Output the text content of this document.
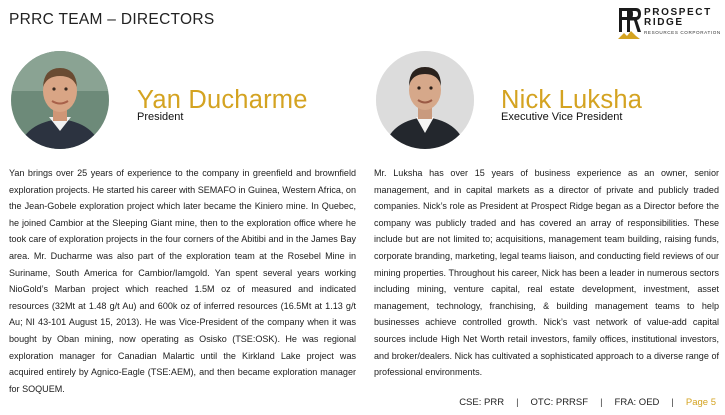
PRRC TEAM – DIRECTORS	PROSPECT
RIDGE
RESOURCES CORPORATION
Yan Ducharme
President
Nick Luksha
Executive Vice President
Yan brings over 25 years of experience to the company in greenfield and brownfield exploration projects. He started his career with SEMAFO in Guinea, Western Africa, on the Jean-Gobele exploration project which later became the Kiniero mine. In Quebec, he joined Cambior at the Sleeping Giant mine, then to the exploration office where he took care of exploration projects in the four corners of the Abitibi and in the James Bay area. Mr. Ducharme was also part of the exploration team at the Rosebel Mine in Suriname, South America for Cambior/Iamgold. Yan spent several years working NioGold’s Marban project which reached 1.5M oz of measured and indicated resources (32Mt at 1.48 g/t Au) and 600k oz of inferred resources (16.5Mt at 1.13 g/t Au; NI 43-101 August 15, 2013). He was Vice-President of the company when it was bought by Oban mining, now operating as Osisko (TSE:OSK). He was regional exploration manager for Canadian Malartic until the Kirkland Lake project was acquired entirely by Agnico-Eagle (TSE:AEM), and then became exploration manager for SOQUEM.
Mr. Luksha has over 15 years of business experience as an owner, senior management, and in capital markets as a director of private and publicly traded companies. Nick’s role as President at Prospect Ridge began as a Director before the company was publicly traded and has covered an array of responsibilities. These include but are not limited to; acquisitions, management team building, raising funds, corporate branding, marketing, legal teams liaison, and conducting field reviews of our mining properties. Throughout his career, Nick has been a leader in numerous sectors including mining, venture capital, real estate development, investment, asset management, technology, franchising, & building management teams to help businesses achieve controlled growth. Nick’s vast network of value-add capital sources include High Net Worth retail investors, family offices, institutional investors, and broker/dealers. Nick has cultivated a sophisticated approach to a diverse range of professional environments.
CSE: PRR | OTC: PRRSF | FRA: OED | Page 5
